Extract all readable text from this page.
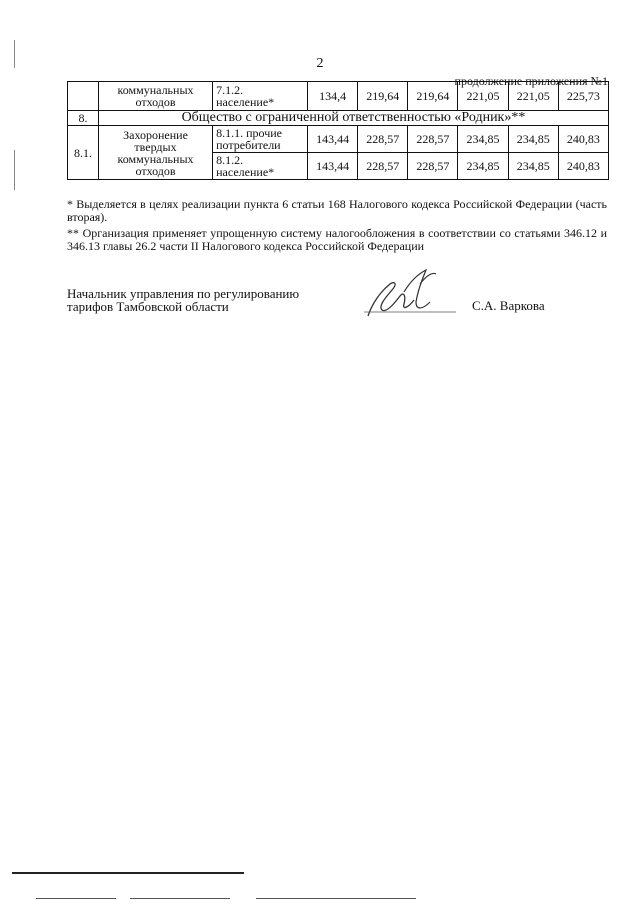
2
продолжение приложения №1
	коммунальных отходов	7.1.2. население*	134,4	219,64	219,64	221,05	221,05	225,73
8.	Общество с ограниченной ответственностью «Родник»**							
8.1.	Захоронение твердых коммунальных отходов	8.1.1. прочие потребители	143,44	228,57	228,57	234,85	234,85	240,83
		8.1.2. население*	143,44	228,57	228,57	234,85	234,85	240,83

* Выделяется в целях реализации пункта 6 статьи 168 Налогового кодекса Российской Федерации (часть вторая).

** Организация применяет упрощенную систему налогообложения в соответствии со статьями 346.12 и 346.13 главы 26.2 части II Налогового кодекса Российской Федерации

Начальник управления по регулированию
тарифов Тамбовской области	С.А. Варкова
